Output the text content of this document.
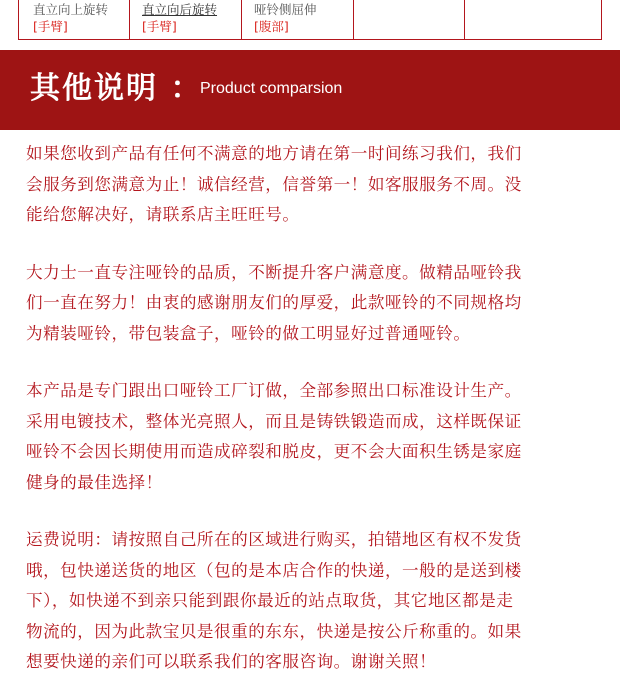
直立向上旋转
[手臂]
直立向后旋转
[手臂]
哑铃侧屈伸
[腹部]
其他说明 ：
Product comparsion

如果您收到产品有任何不满意的地方请在第一时间练习我们，我们
会服务到您满意为止！诚信经营，信誉第一！如客服服务不周。没
能给您解决好，请联系店主旺旺号。

大力士一直专注哑铃的品质，不断提升客户满意度。做精品哑铃我
们一直在努力！由衷的感谢朋友们的厚爱，此款哑铃的不同规格均
为精装哑铃，带包装盒子，哑铃的做工明显好过普通哑铃。

本产品是专门跟出口哑铃工厂订做，全部参照出口标准设计生产。
采用电镀技术，整体光亮照人，而且是铸铁锻造而成，这样既保证
哑铃不会因长期使用而造成碎裂和脱皮，更不会大面积生锈是家庭
健身的最佳选择！

运费说明：请按照自己所在的区域进行购买，拍错地区有权不发货
哦，包快递送货的地区（包的是本店合作的快递，一般的是送到楼
下），如快递不到亲只能到跟你最近的站点取货，其它地区都是走
物流的，因为此款宝贝是很重的东东，快递是按公斤称重的。如果
想要快递的亲们可以联系我们的客服咨询。谢谢关照！
